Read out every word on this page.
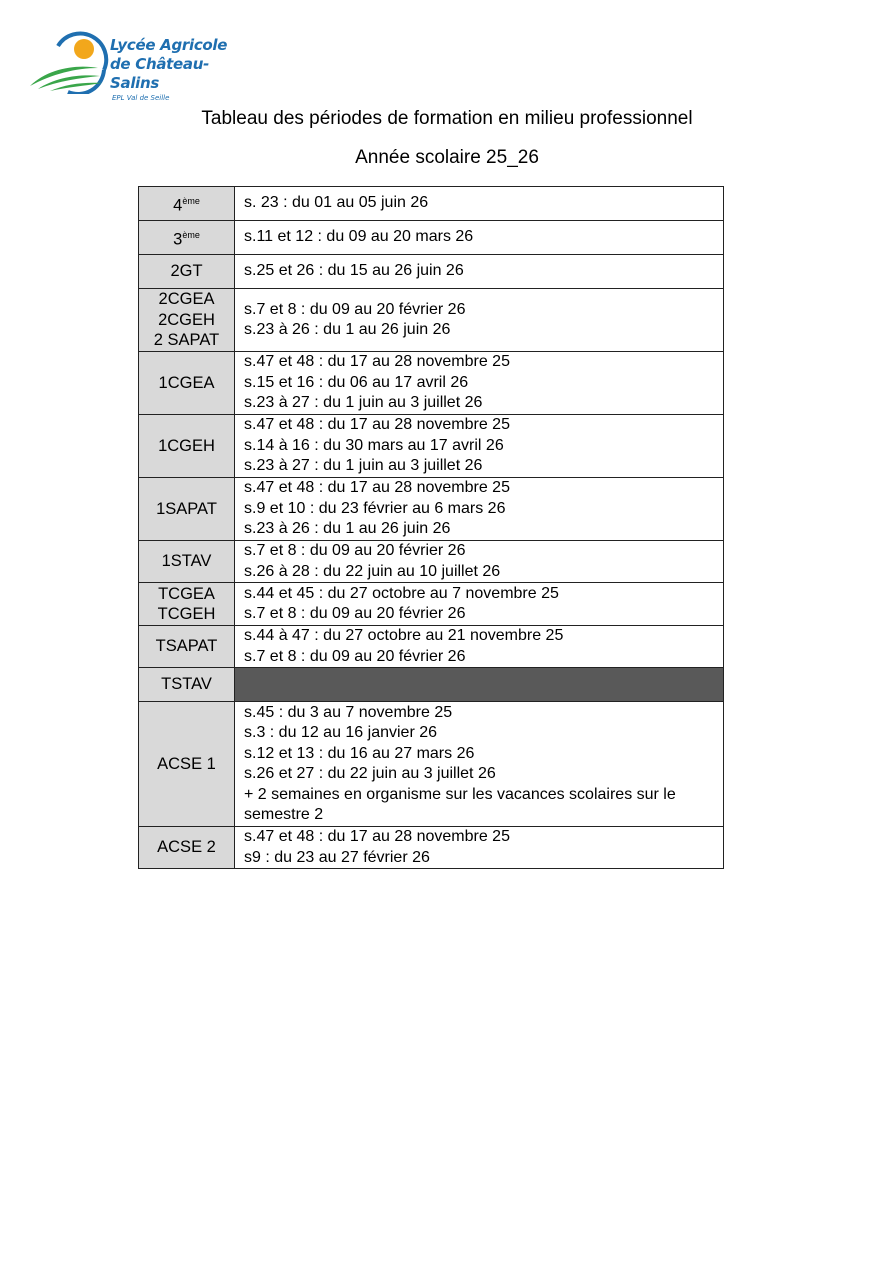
Lycée Agricole
de Château-Salins
EPL Val de Seille
Tableau des périodes de formation en milieu professionnel
Année scolaire 25_26
4ème	s. 23 : du 01 au 05 juin 26

3ème	s.11 et 12 : du 09 au 20 mars 26

2GT	s.25 et 26 : du 15 au 26 juin 26

2CGEA
2CGEH
2 SAPAT	s.7 et 8 : du 09 au 20 février 26
s.23 à 26 : du 1 au 26 juin 26

1CGEA	s.47 et 48 : du 17 au 28 novembre 25
s.15 et 16 : du 06 au 17 avril 26
s.23 à 27 : du 1 juin au 3 juillet 26

1CGEH	s.47 et 48 : du 17 au 28 novembre 25
s.14 à 16 : du 30 mars au 17 avril 26
s.23 à 27 : du 1 juin au 3 juillet 26

1SAPAT	s.47 et 48 : du 17 au 28 novembre 25
s.9 et 10 : du 23 février au 6 mars 26
s.23 à 26 : du 1 au 26 juin 26

1STAV	s.7 et 8 : du 09 au 20 février 26
s.26 à 28 : du 22 juin au 10 juillet 26

TCGEA
TCGEH	s.44 et 45 : du 27 octobre au 7 novembre 25
s.7 et 8 : du 09 au 20 février 26

TSAPAT	s.44 à 47 : du 27 octobre au 21 novembre 25
s.7 et 8 : du 09 au 20 février 26

TSTAV	

ACSE 1	s.45 : du 3 au 7 novembre 25
s.3 : du 12 au 16 janvier 26
s.12 et 13 : du 16 au 27 mars 26
s.26 et 27 : du 22 juin au 3 juillet 26
+ 2 semaines en organisme sur les vacances scolaires sur le semestre 2

ACSE 2	s.47 et 48 : du 17 au 28 novembre 25
s9 : du 23 au 27 février 26
